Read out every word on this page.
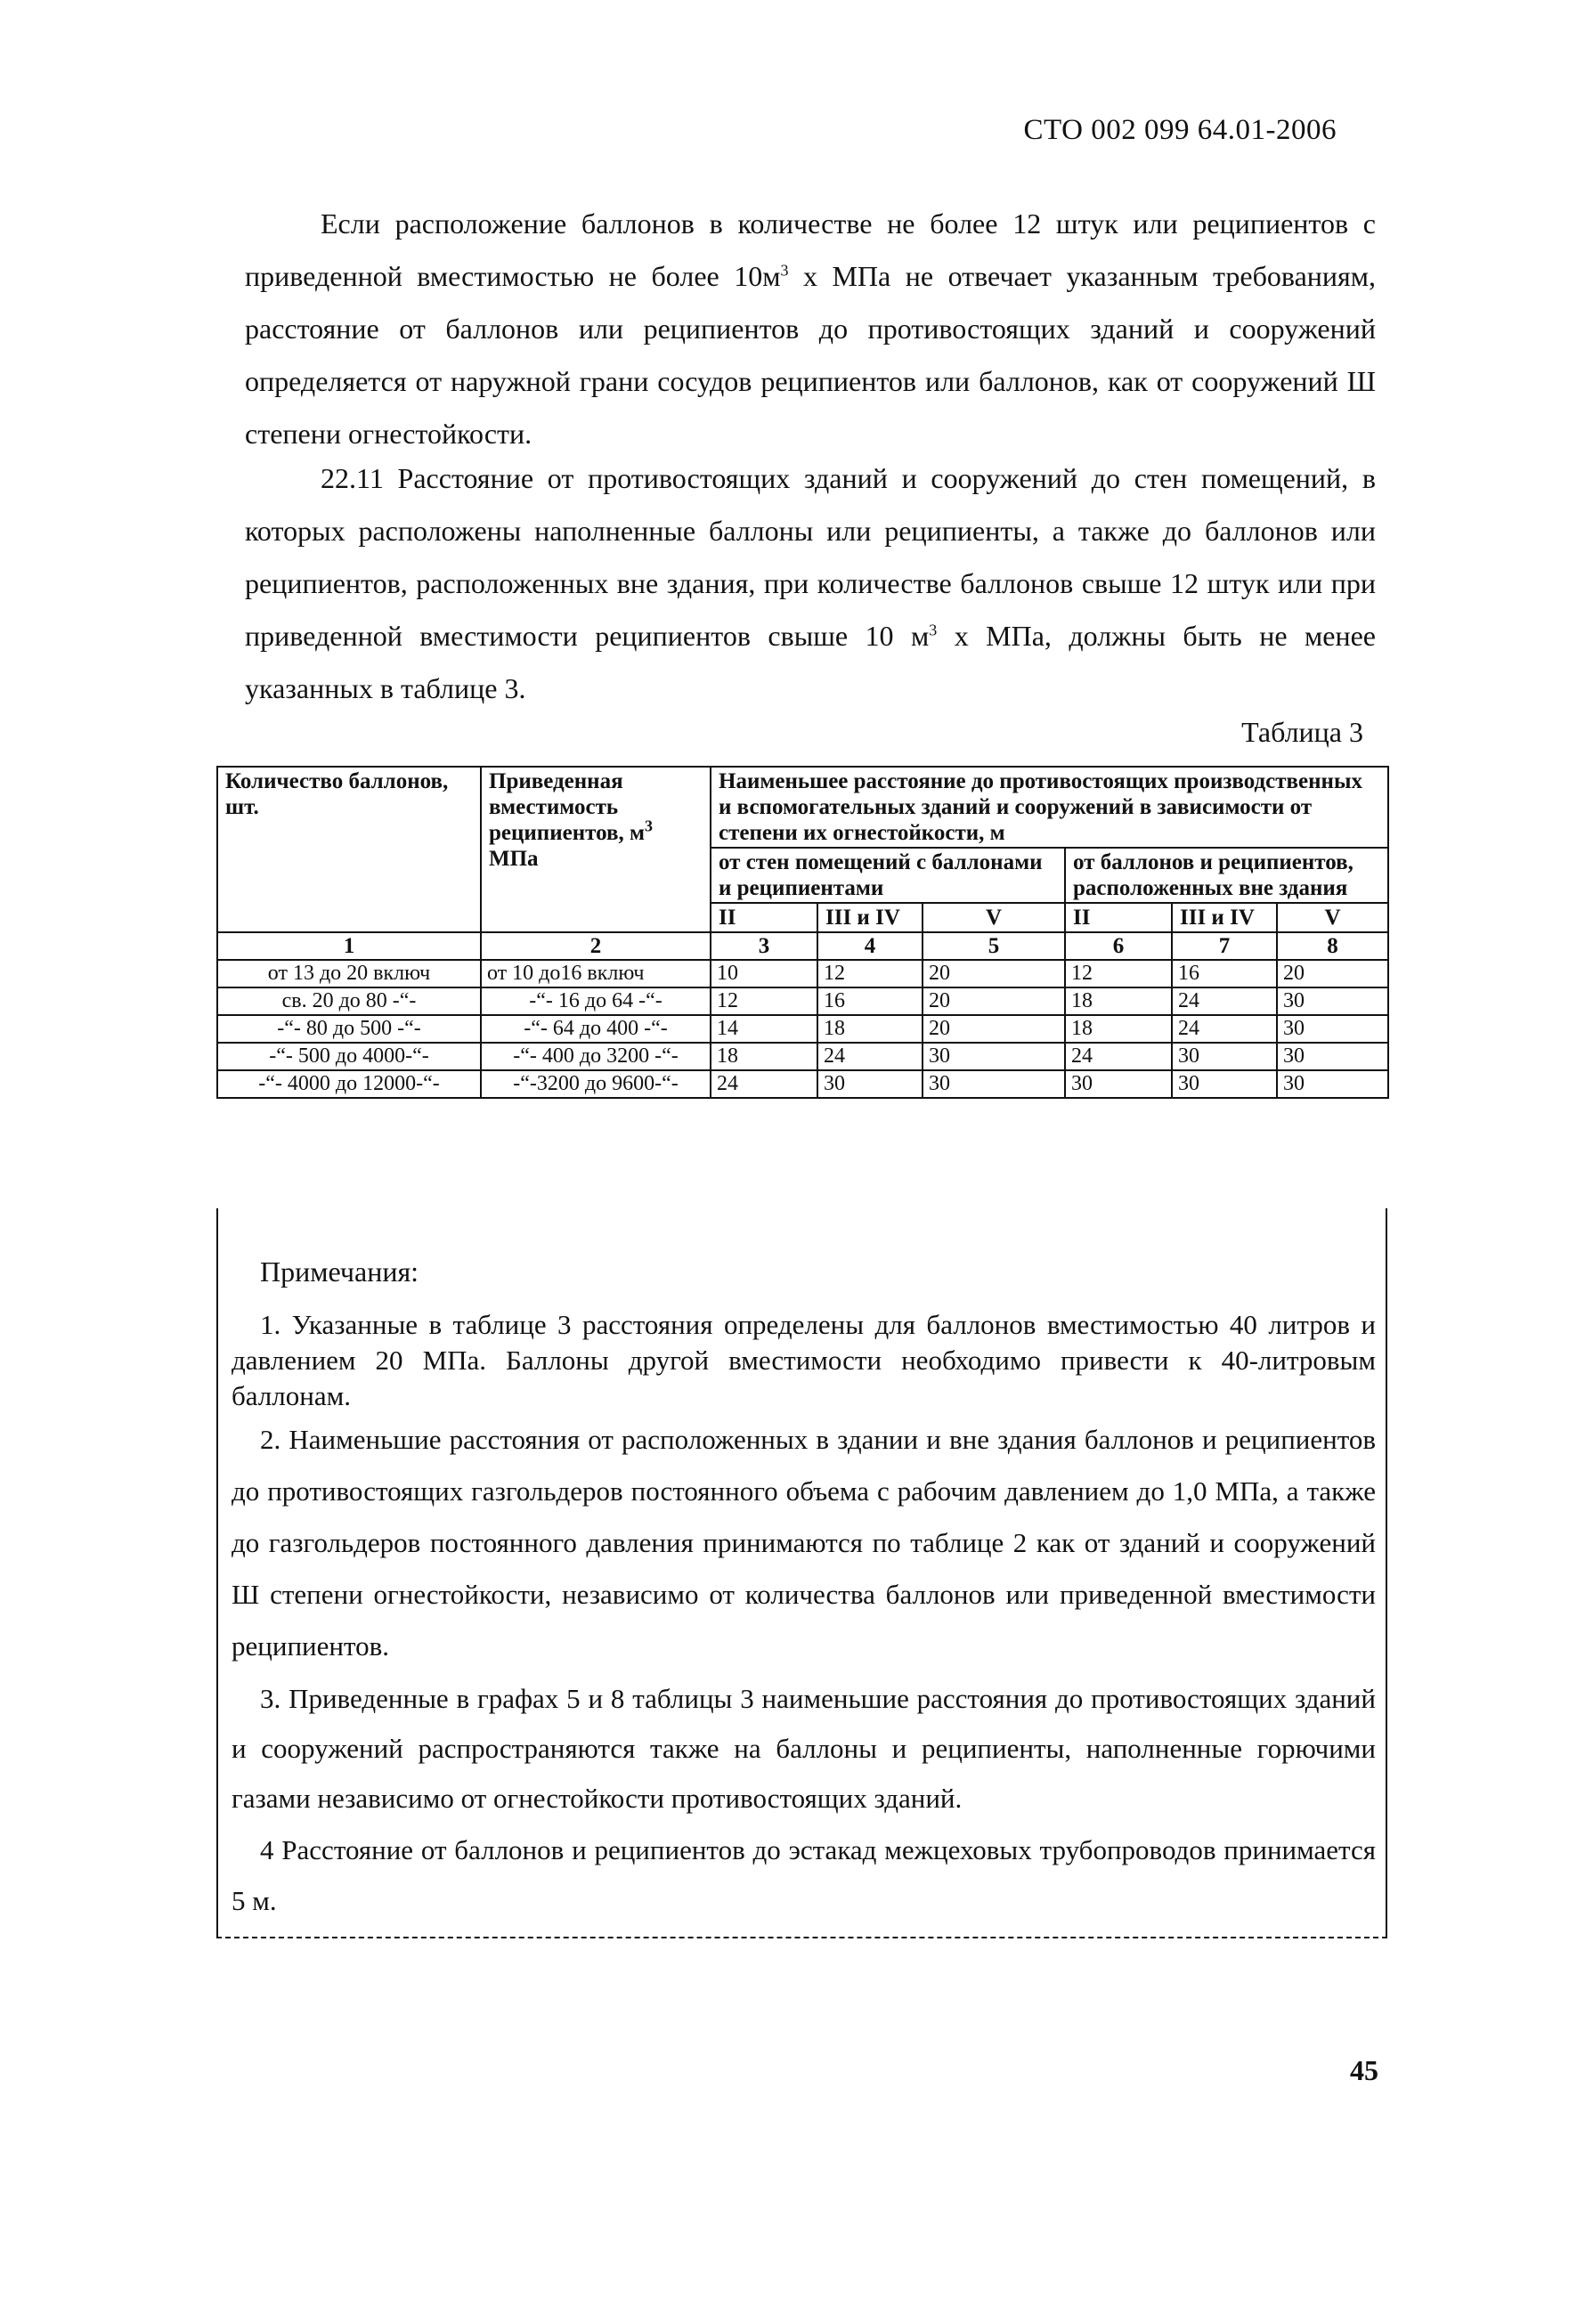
СТО 002 099 64.01-2006

Если расположение баллонов в количестве не более 12 штук или реципиентов с приведенной вместимостью не более $10м^3$ х МПа не отвечает указанным требованиям, расстояние от баллонов или реципиентов до противостоящих зданий и сооружений определяется от наружной грани сосудов реципиентов или баллонов, как от сооружений Ш степени огнестойкости.

22.11 Расстояние от противостоящих зданий и сооружений до стен помещений, в которых расположены наполненные баллоны или реципиенты, а также до баллонов или реципиентов, расположенных вне здания, при количестве баллонов свыше 12 штук или при приведенной вместимости реципиентов свыше 10 $м^3$ х МПа, должны быть не менее указанных в таблице 3.

Таблица 3
Количество баллонов, шт.	Приведенная вместимость реципиентов, $м^3$ МПа	Наименьшее расстояние до противостоящих производственных и вспомогательных зданий и сооружений в зависимости от степени их огнестойкости, м					
		от стен помещений с баллонами и реципиентами			от баллонов и реципиентов, расположенных вне здания		
		II	III и IV	V	II	III и IV	V
1	2	3	4	5	6	7	8
от 13 до 20 включ	от 10 до16 включ	10	12	20	12	16	20
св. 20 до 80 -“-	-“- 16 до 64 -“-	12	16	20	18	24	30
-“- 80 до 500 -“-	-“- 64 до 400 -“-	14	18	20	18	24	30
-“- 500 до 4000-“-	-“- 400 до 3200 -“-	18	24	30	24	30	30
-“- 4000 до 12000-“-	-“-3200 до 9600-“-	24	30	30	30	30	30
Примечания:

1. Указанные в таблице 3 расстояния определены для баллонов вместимостью 40 литров и давлением 20 МПа. Баллоны другой вместимости необходимо привести к 40-литровым баллонам.

2. Наименьшие расстояния от расположенных в здании и вне здания баллонов и реципиентов до противостоящих газгольдеров постоянного объема с рабочим давлением до 1,0 МПа, а также до газгольдеров постоянного давления принимаются по таблице 2 как от зданий и сооружений Ш степени огнестойкости, независимо от количества баллонов или приведенной вместимости реципиентов.

3. Приведенные в графах 5 и 8 таблицы 3 наименьшие расстояния до противостоящих зданий и сооружений распространяются также на баллоны и реципиенты, наполненные горючими газами независимо от огнестойкости противостоящих зданий.

4 Расстояние от баллонов и реципиентов до эстакад межцеховых трубопроводов принимается 5 м.

45
